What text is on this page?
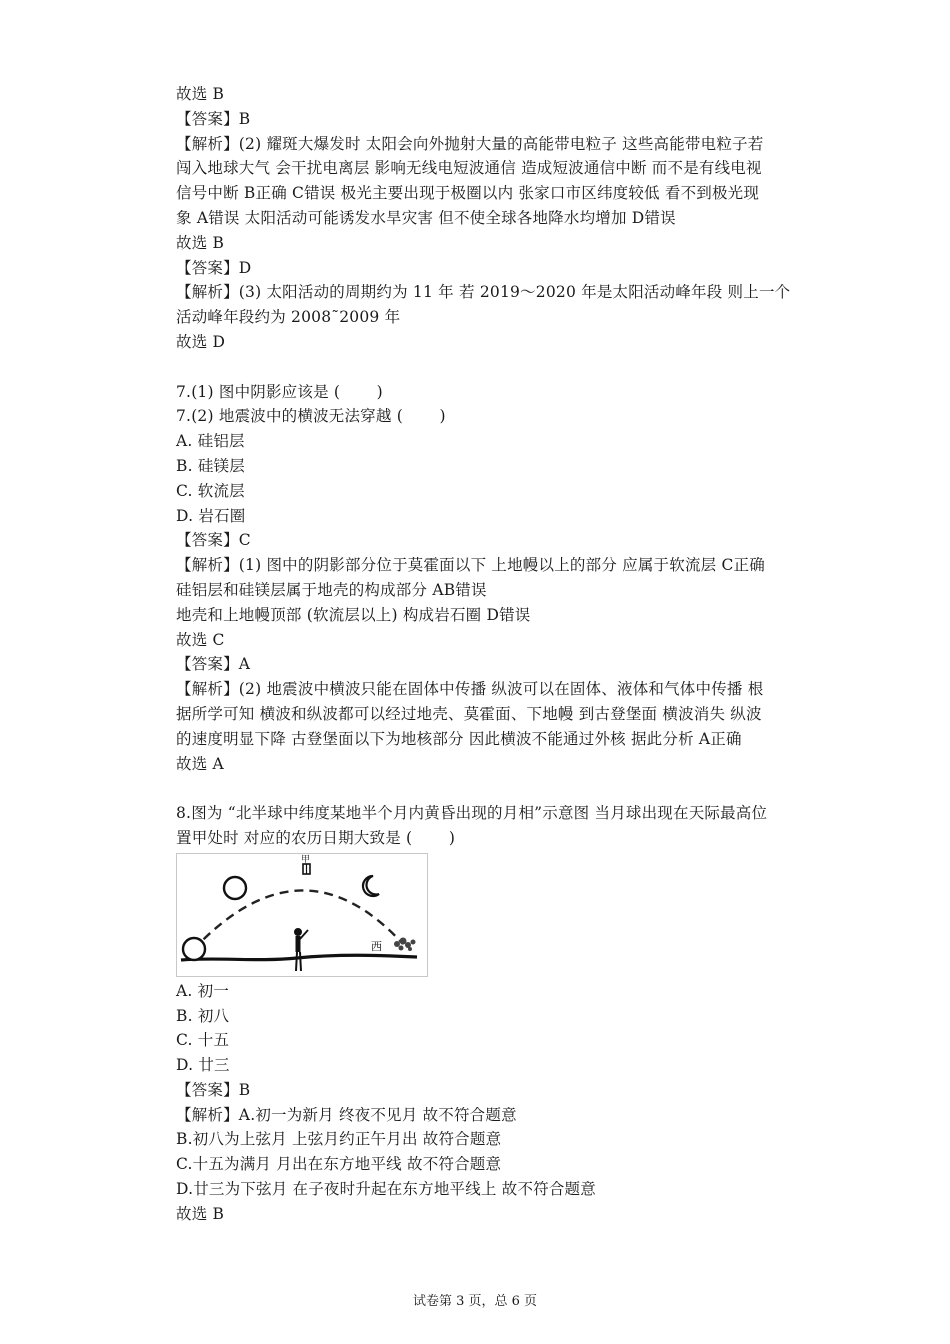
故选 B
【答案】B
【解析】(2) 耀斑大爆发时 太阳会向外抛射大量的高能带电粒子 这些高能带电粒子若
闯入地球大气 会干扰电离层 影响无线电短波通信 造成短波通信中断 而不是有线电视
信号中断 B正确 C错误 极光主要出现于极圈以内 张家口市区纬度较低 看不到极光现
象 A错误 太阳活动可能诱发水旱灾害 但不使全球各地降水均增加 D错误
故选 B
【答案】D
【解析】(3) 太阳活动的周期约为 11 年 若 2019～2020 年是太阳活动峰年段 则上一个
活动峰年段约为 2008˜2009 年
故选 D
7.(1) 图中阴影应该是 ( 　　)
7.(2) 地震波中的横波无法穿越 ( 　　)
A. 硅铝层
B. 硅镁层
C. 软流层
D. 岩石圈
【答案】C
【解析】(1) 图中的阴影部分位于莫霍面以下 上地幔以上的部分 应属于软流层 C正确
硅铝层和硅镁层属于地壳的构成部分 AB错误
地壳和上地幔顶部 (软流层以上) 构成岩石圈 D错误
故选 C
【答案】A
【解析】(2) 地震波中横波只能在固体中传播 纵波可以在固体、液体和气体中传播 根
据所学可知 横波和纵波都可以经过地壳、莫霍面、下地幔 到古登堡面 横波消失 纵波
的速度明显下降 古登堡面以下为地核部分 因此横波不能通过外核 据此分析 A正确
故选 A
8.图为 “北半球中纬度某地半个月内黄昏出现的月相”示意图 当月球出现在天际最高位
置甲处时 对应的农历日期大致是 ( 　　)
甲
西
A. 初一
B. 初八
C. 十五
D. 廿三
【答案】B
【解析】A.初一为新月 终夜不见月 故不符合题意
B.初八为上弦月 上弦月约正午月出 故符合题意
C.十五为满月 月出在东方地平线 故不符合题意
D.廿三为下弦月 在子夜时升起在东方地平线上 故不符合题意
故选 B
试卷第 3 页，总 6 页
